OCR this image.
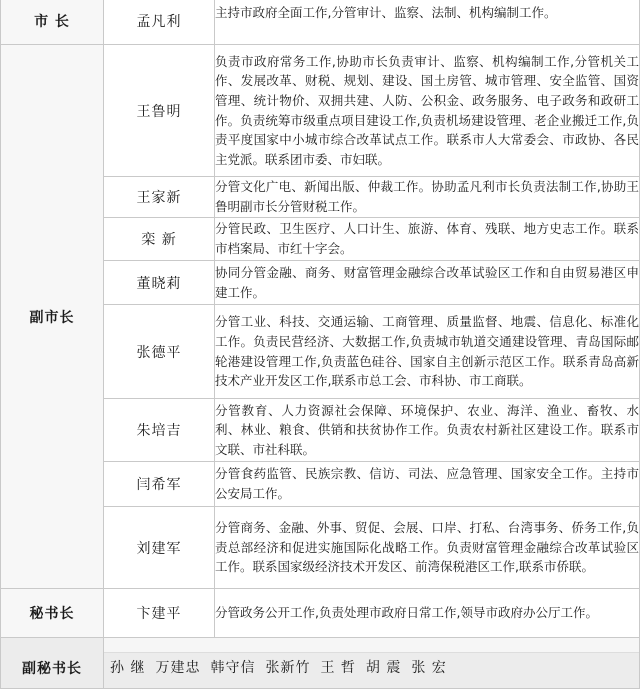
市 长	孟凡利	主持市政府全面工作,分管审计、监察、法制、机构编制工作。
副市长	王鲁明	负责市政府常务工作,协助市长负责审计、监察、机构编制工作,分管机关工作、发展改革、财税、规划、建设、国土房管、城市管理、安全监管、国资管理、统计物价、双拥共建、人防、公积金、政务服务、电子政务和政研工作。负责统筹市级重点项目建设工作,负责机场建设管理、老企业搬迁工作,负责平度国家中小城市综合改革试点工作。联系市人大常委会、市政协、各民主党派。联系团市委、市妇联。
	王家新	分管文化广电、新闻出版、仲裁工作。协助孟凡利市长负责法制工作,协助王鲁明副市长分管财税工作。
	栾 新	分管民政、卫生医疗、人口计生、旅游、体育、残联、地方史志工作。联系市档案局、市红十字会。
	董晓莉	协同分管金融、商务、财富管理金融综合改革试验区工作和自由贸易港区申建工作。
	张德平	分管工业、科技、交通运输、工商管理、质量监督、地震、信息化、标准化工作。负责民营经济、大数据工作,负责城市轨道交通建设管理、青岛国际邮轮港建设管理工作,负责蓝色硅谷、国家自主创新示范区工作。联系青岛高新技术产业开发区工作,联系市总工会、市科协、市工商联。
	朱培吉	分管教育、人力资源社会保障、环境保护、农业、海洋、渔业、畜牧、水利、林业、粮食、供销和扶贫协作工作。负责农村新社区建设工作。联系市文联、市社科联。
	闫希军	分管食药监管、民族宗教、信访、司法、应急管理、国家安全工作。主持市公安局工作。
	刘建军	分管商务、金融、外事、贸促、会展、口岸、打私、台湾事务、侨务工作,负责总部经济和促进实施国际化战略工作。负责财富管理金融综合改革试验区工作。联系国家级经济技术开发区、前湾保税港区工作,联系市侨联。
秘书长	卞建平	分管政务公开工作,负责处理市政府日常工作,领导市政府办公厅工作。
副秘书长	孙 继 万建忠 韩守信 张新竹 王 哲 胡 震 张 宏	
